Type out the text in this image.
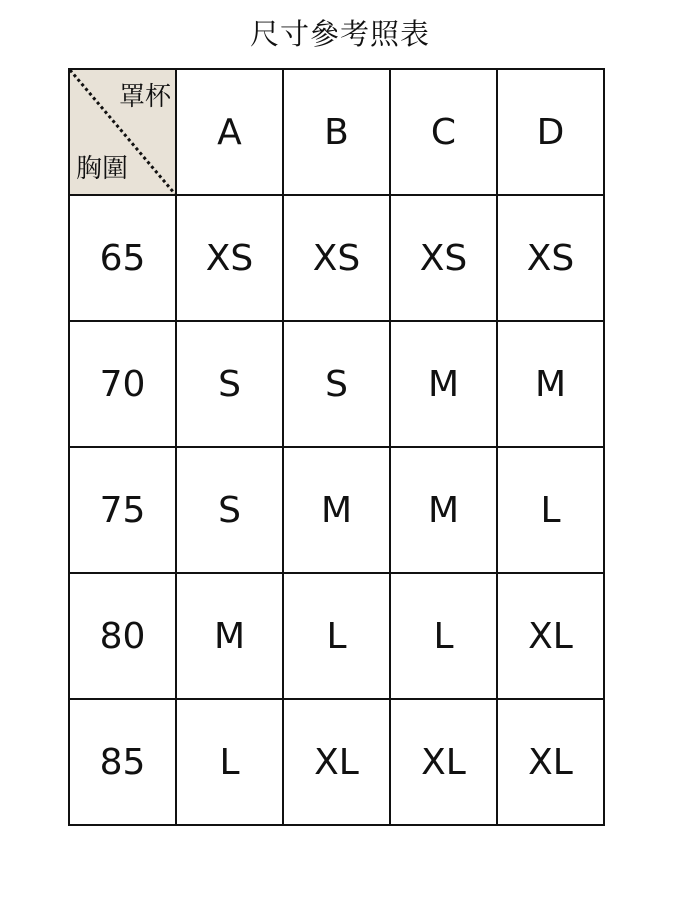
尺寸參考照表
罩杯
胸圍	A	B	C	D
65	XS	XS	XS	XS
70	S	S	M	M
75	S	M	M	L
80	M	L	L	XL
85	L	XL	XL	XL
